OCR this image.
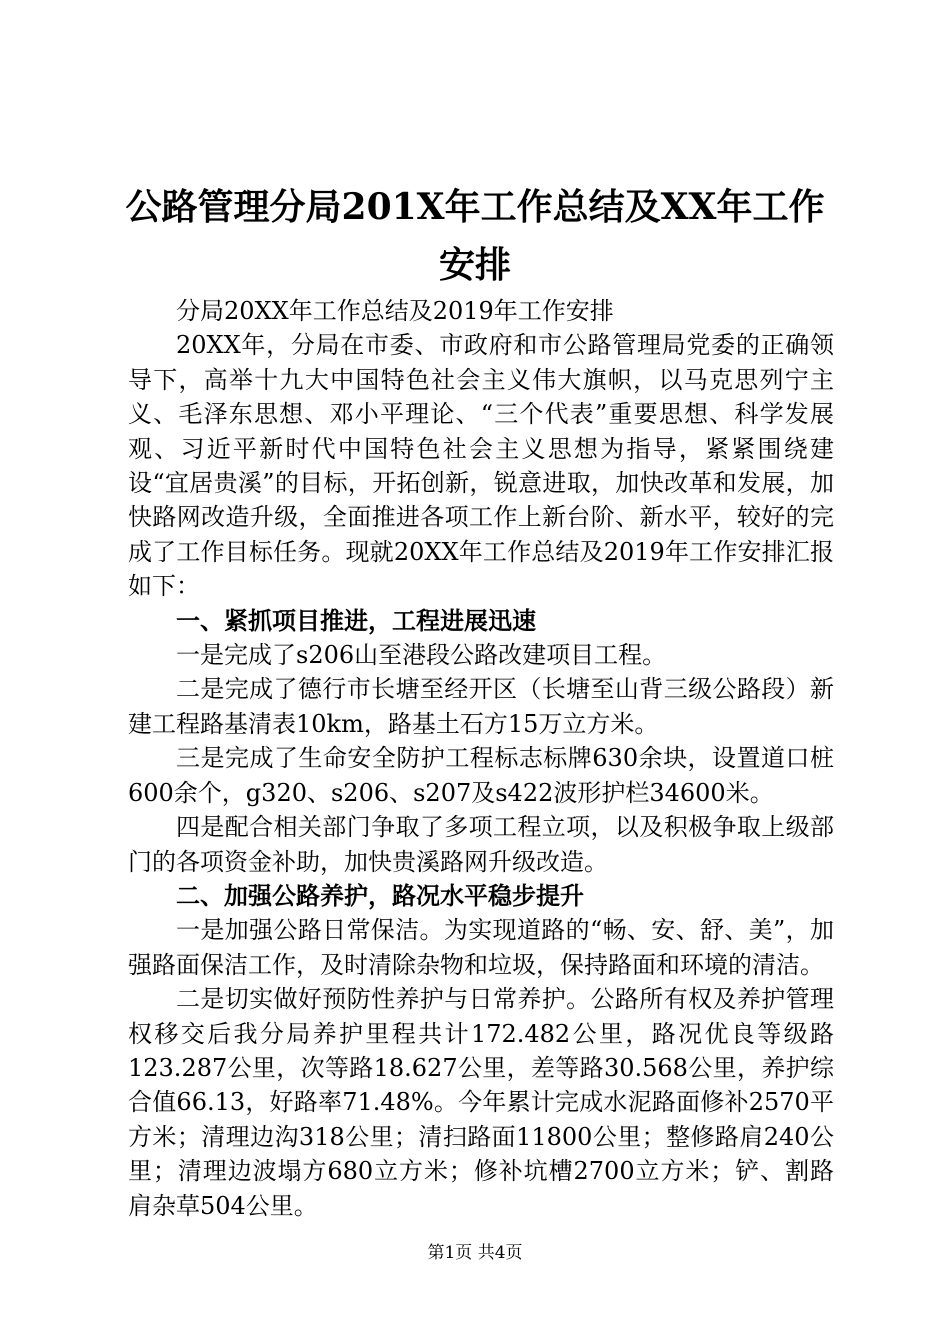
公路管理分局201X年工作总结及XX年工作安排

分局20XX年工作总结及2019年工作安排

20XX年，分局在市委、市政府和市公路管理局党委的正确领导下，高举十九大中国特色社会主义伟大旗帜，以马克思列宁主义、毛泽东思想、邓小平理论、“三个代表”重要思想、科学发展观、习近平新时代中国特色社会主义思想为指导，紧紧围绕建设“宜居贵溪”的目标，开拓创新，锐意进取，加快改革和发展，加快路网改造升级，全面推进各项工作上新台阶、新水平，较好的完成了工作目标任务。现就20XX年工作总结及2019年工作安排汇报如下：

一、紧抓项目推进，工程进展迅速

一是完成了s206山至港段公路改建项目工程。

二是完成了德行市长塘至经开区（长塘至山背三级公路段）新建工程路基清表10km，路基土石方15万立方米。

三是完成了生命安全防护工程标志标牌630余块，设置道口桩600余个，g320、s206、s207及s422波形护栏34600米。

四是配合相关部门争取了多项工程立项，以及积极争取上级部门的各项资金补助，加快贵溪路网升级改造。

二、加强公路养护，路况水平稳步提升

一是加强公路日常保洁。为实现道路的“畅、安、舒、美”，加强路面保洁工作，及时清除杂物和垃圾，保持路面和环境的清洁。

二是切实做好预防性养护与日常养护。公路所有权及养护管理权移交后我分局养护里程共计172.482公里，路况优良等级路123.287公里，次等路18.627公里，差等路30.568公里，养护综合值66.13，好路率71.48%。今年累计完成水泥路面修补2570平方米；清理边沟318公里；清扫路面11800公里；整修路肩240公里；清理边波塌方680立方米；修补坑槽2700立方米；铲、割路肩杂草504公里。

第1页 共4页
